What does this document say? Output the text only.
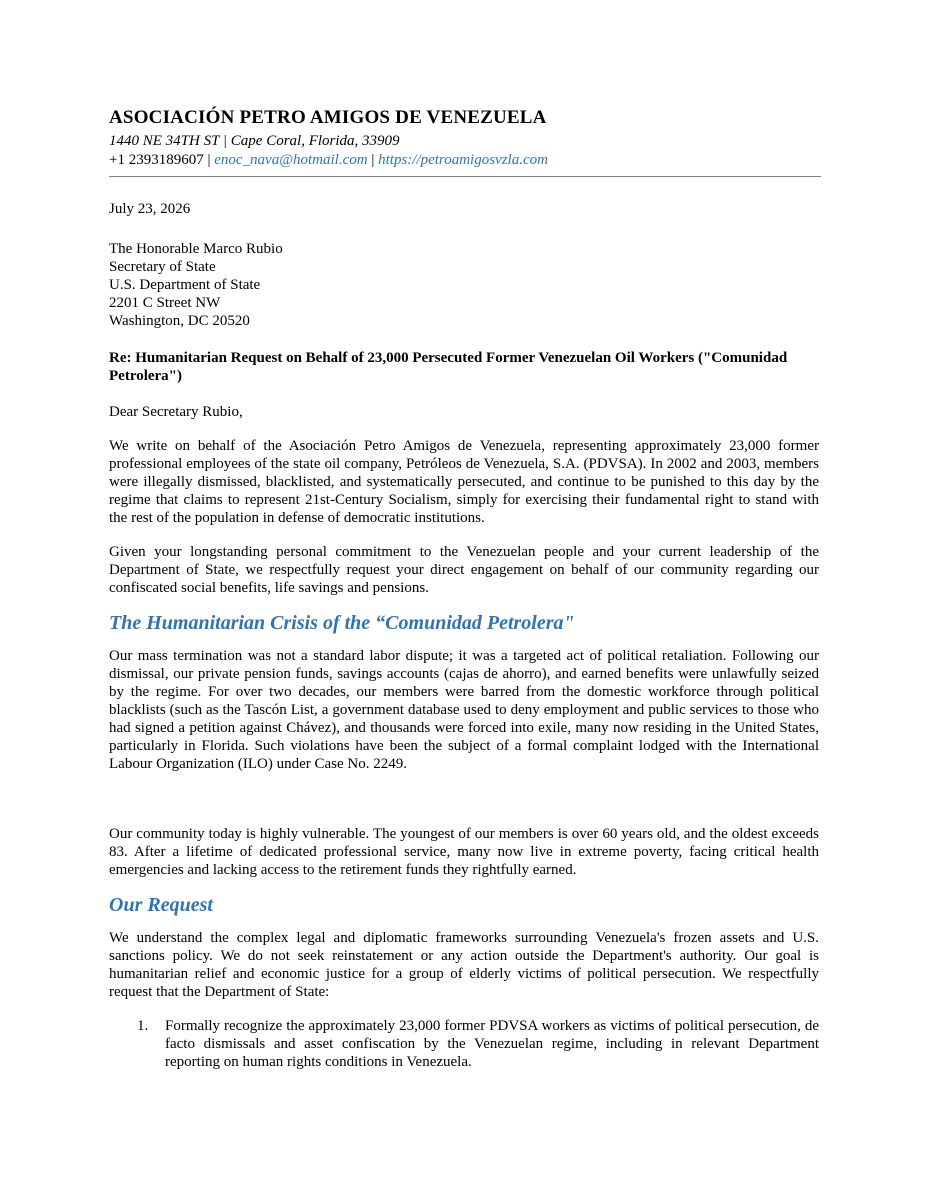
ASOCIACIÓN PETRO AMIGOS DE VENEZUELA

1440 NE 34TH ST | Cape Coral, Florida, 33909

+1 2393189607 | enoc_nava@hotmail.com | https://petroamigosvzla.com

July 23, 2026

The Honorable Marco Rubio
Secretary of State
U.S. Department of State
2201 C Street NW
Washington, DC 20520

Re: Humanitarian Request on Behalf of 23,000 Persecuted Former Venezuelan Oil Workers ("Comunidad Petrolera")

Dear Secretary Rubio,

We write on behalf of the Asociación Petro Amigos de Venezuela, representing approximately 23,000 former professional employees of the state oil company, Petróleos de Venezuela, S.A. (PDVSA). In 2002 and 2003, members were illegally dismissed, blacklisted, and systematically persecuted, and continue to be punished to this day by the regime that claims to represent 21st-Century Socialism, simply for exercising their fundamental right to stand with the rest of the population in defense of democratic institutions.

Given your longstanding personal commitment to the Venezuelan people and your current leadership of the Department of State, we respectfully request your direct engagement on behalf of our community regarding our confiscated social benefits, life savings and pensions.

The Humanitarian Crisis of the “Comunidad Petrolera"

Our mass termination was not a standard labor dispute; it was a targeted act of political retaliation. Following our dismissal, our private pension funds, savings accounts (cajas de ahorro), and earned benefits were unlawfully seized by the regime. For over two decades, our members were barred from the domestic workforce through political blacklists (such as the Tascón List, a government database used to deny employment and public services to those who had signed a petition against Chávez), and thousands were forced into exile, many now residing in the United States, particularly in Florida. Such violations have been the subject of a formal complaint lodged with the International Labour Organization (ILO) under Case No. 2249.

Our community today is highly vulnerable. The youngest of our members is over 60 years old, and the oldest exceeds 83. After a lifetime of dedicated professional service, many now live in extreme poverty, facing critical health emergencies and lacking access to the retirement funds they rightfully earned.

Our Request

We understand the complex legal and diplomatic frameworks surrounding Venezuela's frozen assets and U.S. sanctions policy. We do not seek reinstatement or any action outside the Department's authority. Our goal is humanitarian relief and economic justice for a group of elderly victims of political persecution. We respectfully request that the Department of State:

1. Formally recognize the approximately 23,000 former PDVSA workers as victims of political persecution, de facto dismissals and asset confiscation by the Venezuelan regime, including in relevant Department reporting on human rights conditions in Venezuela.
